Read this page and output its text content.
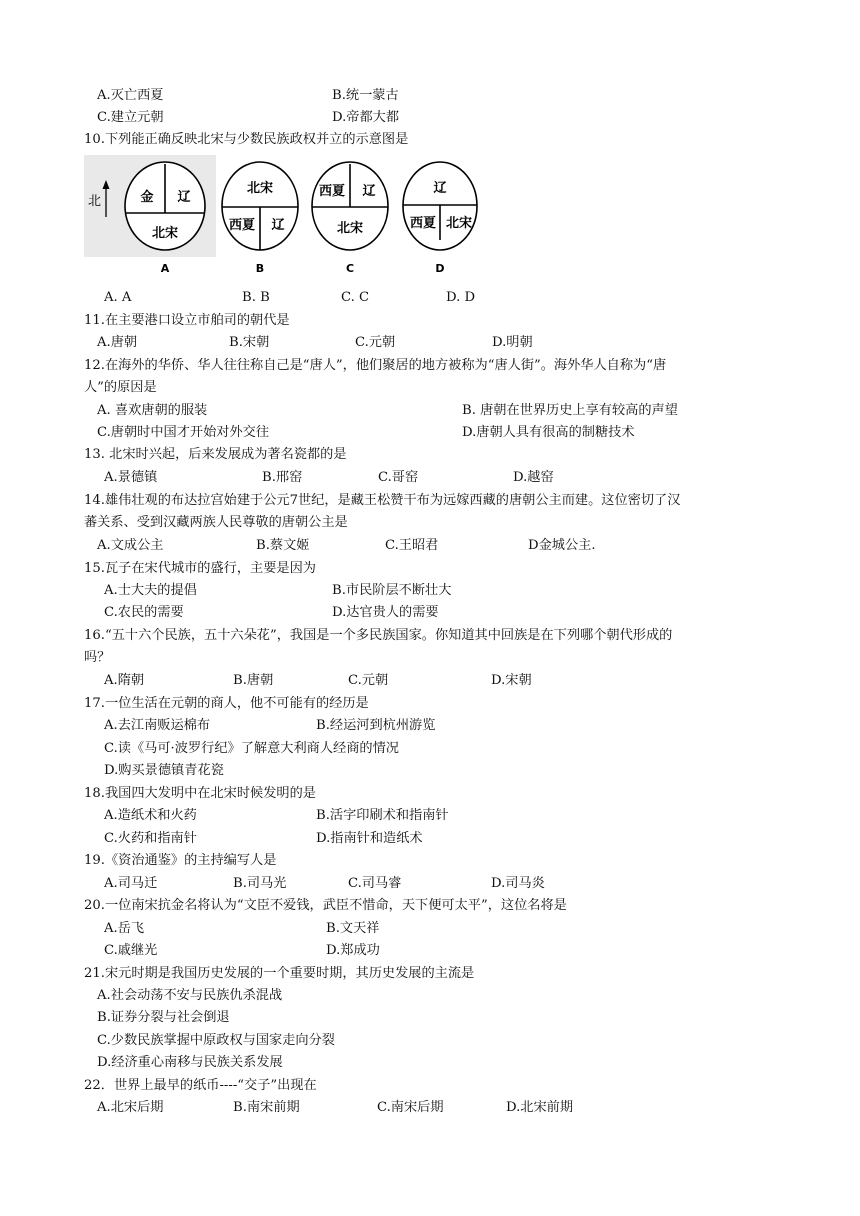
A.灭亡西夏	B.统一蒙古
C.建立元朝	D.帝都大都
10.下列能正确反映北宋与少数民族政权并立的示意图是
北	金 辽
北宋
A
北宋
西夏 辽
B
西夏 辽
北宋
C
辽
西夏 北宋
D
A. A	B. B	C. C	D. D
11.在主要港口设立市舶司的朝代是
A.唐朝	B.宋朝	C.元朝	D.明朝
12.在海外的华侨、华人往往称自己是“唐人”，他们聚居的地方被称为“唐人街”。海外华人自称为“唐
人”的原因是
A. 喜欢唐朝的服装	B. 唐朝在世界历史上享有较高的声望
C.唐朝时中国才开始对外交往	D.唐朝人具有很高的制糖技术
13. 北宋时兴起，后来发展成为著名瓷都的是
A.景德镇	B.邢窑	C.哥窑	D.越窑
14.雄伟壮观的布达拉宫始建于公元7世纪，是藏王松赞干布为远嫁西藏的唐朝公主而建。这位密切了汉
蕃关系、受到汉藏两族人民尊敬的唐朝公主是
A.文成公主	B.蔡文姬	C.王昭君	D金城公主.
15.瓦子在宋代城市的盛行，主要是因为
A.士大夫的提倡	B.市民阶层不断壮大
C.农民的需要	D.达官贵人的需要
16.“五十六个民族，五十六朵花”，我国是一个多民族国家。你知道其中回族是在下列哪个朝代形成的
吗？
A.隋朝	B.唐朝	C.元朝	D.宋朝
17.一位生活在元朝的商人，他不可能有的经历是
A.去江南贩运棉布	B.经运河到杭州游览
C.读《马可·波罗行纪》了解意大利商人经商的情况
D.购买景德镇青花瓷
18.我国四大发明中在北宋时候发明的是
A.造纸术和火药	B.活字印刷术和指南针
C.火药和指南针	D.指南针和造纸术
19.《资治通鉴》的主持编写人是
A.司马迁	B.司马光	C.司马睿	D.司马炎
20.一位南宋抗金名将认为“文臣不爱钱，武臣不惜命，天下便可太平”，这位名将是
A.岳飞	B.文天祥
C.戚继光	D.郑成功
21.宋元时期是我国历史发展的一个重要时期，其历史发展的主流是
A.社会动荡不安与民族仇杀混战
B.证券分裂与社会倒退
C.少数民族掌握中原政权与国家走向分裂
D.经济重心南移与民族关系发展
22．世界上最早的纸币----“交子”出现在
A.北宋后期	B.南宋前期	C.南宋后期	D.北宋前期
